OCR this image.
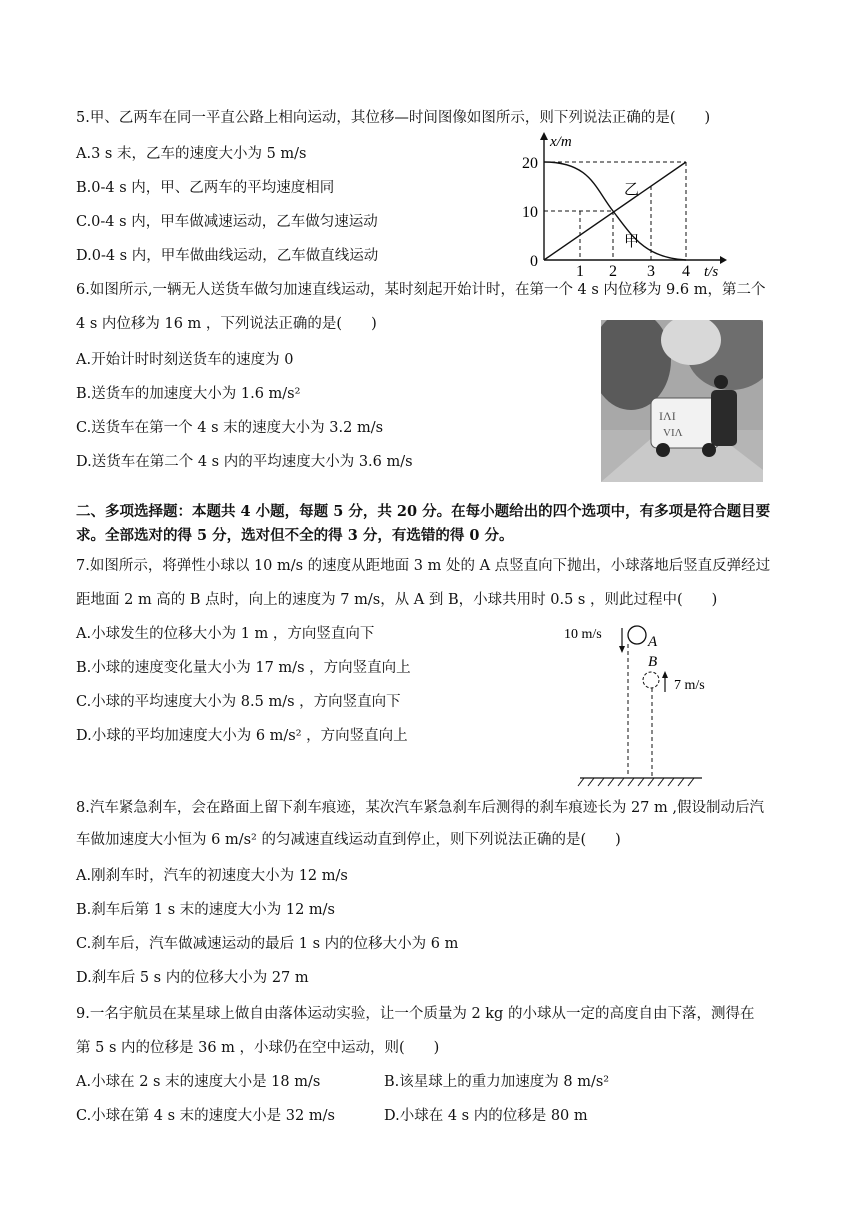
5.甲、乙两车在同一平直公路上相向运动，其位移—时间图像如图所示，则下列说法正确的是(　　)
A.3 s 末，乙车的速度大小为 5 m/s
B.0-4 s 内，甲、乙两车的平均速度相同
C.0-4 s 内，甲车做减速运动，乙车做匀速运动
D.0-4 s 内，甲车做曲线运动，乙车做直线运动
x/m
t/s
20
10
0
1 2 3 4
乙
甲
6.如图所示,一辆无人送货车做匀加速直线运动，某时刻起开始计时，在第一个 4 s 内位移为 9.6 m，第二个
4 s 内位移为 16 m ，下列说法正确的是(　　)
A.开始计时时刻送货车的速度为 0
B.送货车的加速度大小为 1.6 m/s²
C.送货车在第一个 4 s 末的速度大小为 3.2 m/s
D.送货车在第二个 4 s 内的平均速度大小为 3.6 m/s
ΙΛΙ
VIΛ
二、多项选择题：本题共 4 小题，每题 5 分，共 20 分。在每小题给出的四个选项中，有多项是符合题目要
求。全部选对的得 5 分，选对但不全的得 3 分，有选错的得 0 分。
7.如图所示，将弹性小球以 10 m/s 的速度从距地面 3 m 处的 A 点竖直向下抛出，小球落地后竖直反弹经过
距地面 2 m 高的 B 点时，向上的速度为 7 m/s，从 A 到 B，小球共用时 0.5 s ，则此过程中(　　)
A.小球发生的位移大小为 1 m ，方向竖直向下
B.小球的速度变化量大小为 17 m/s ，方向竖直向上
C.小球的平均速度大小为 8.5 m/s ，方向竖直向下
D.小球的平均加速度大小为 6 m/s² ，方向竖直向上
10 m/s	A
B
7 m/s
8.汽车紧急刹车，会在路面上留下刹车痕迹，某次汽车紧急刹车后测得的刹车痕迹长为 27 m ,假设制动后汽
车做加速度大小恒为 6 m/s² 的匀减速直线运动直到停止，则下列说法正确的是(　　)
A.刚刹车时，汽车的初速度大小为 12 m/s
B.刹车后第 1 s 末的速度大小为 12 m/s
C.刹车后，汽车做减速运动的最后 1 s 内的位移大小为 6 m
D.刹车后 5 s 内的位移大小为 27 m
9.一名宇航员在某星球上做自由落体运动实验，让一个质量为 2 kg 的小球从一定的高度自由下落，测得在
第 5 s 内的位移是 36 m ，小球仍在空中运动，则(　　)
A.小球在 2 s 末的速度大小是 18 m/s	B.该星球上的重力加速度为 8 m/s²
C.小球在第 4 s 末的速度大小是 32 m/s	D.小球在 4 s 内的位移是 80 m
